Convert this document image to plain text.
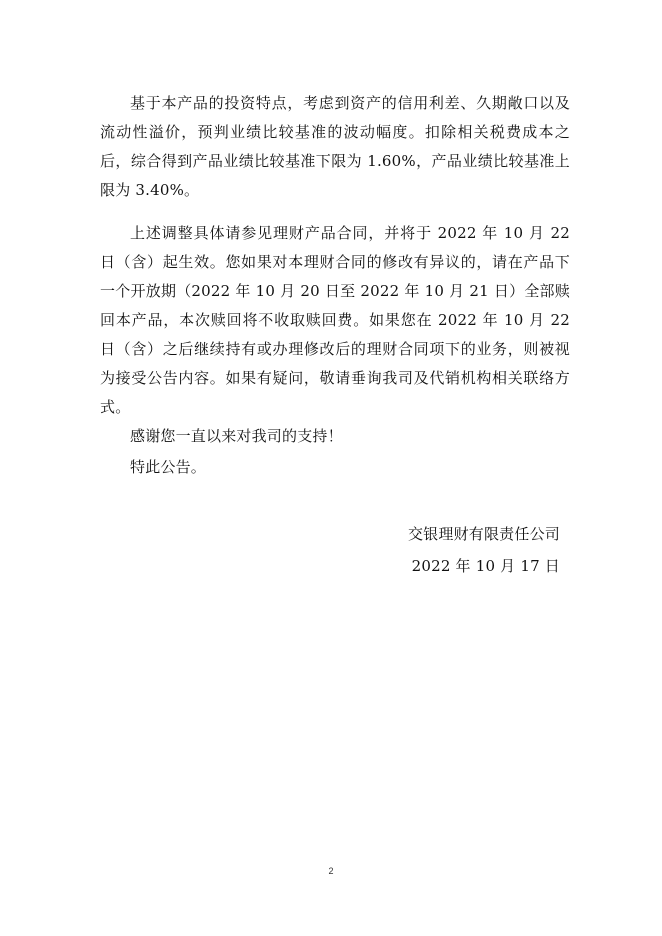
基于本产品的投资特点，考虑到资产的信用利差、久期敞口以及流动性溢价，预判业绩比较基准的波动幅度。扣除相关税费成本之后，综合得到产品业绩比较基准下限为 1.60%，产品业绩比较基准上限为 3.40%。

上述调整具体请参见理财产品合同，并将于 2022 年 10 月 22 日（含）起生效。您如果对本理财合同的修改有异议的，请在产品下一个开放期（2022 年 10 月 20 日至 2022 年 10 月 21 日）全部赎回本产品，本次赎回将不收取赎回费。如果您在 2022 年 10 月 22 日（含）之后继续持有或办理修改后的理财合同项下的业务，则被视为接受公告内容。如果有疑问，敬请垂询我司及代销机构相关联络方式。

感谢您一直以来对我司的支持！

特此公告。

交银理财有限责任公司
2022 年 10 月 17 日
2
